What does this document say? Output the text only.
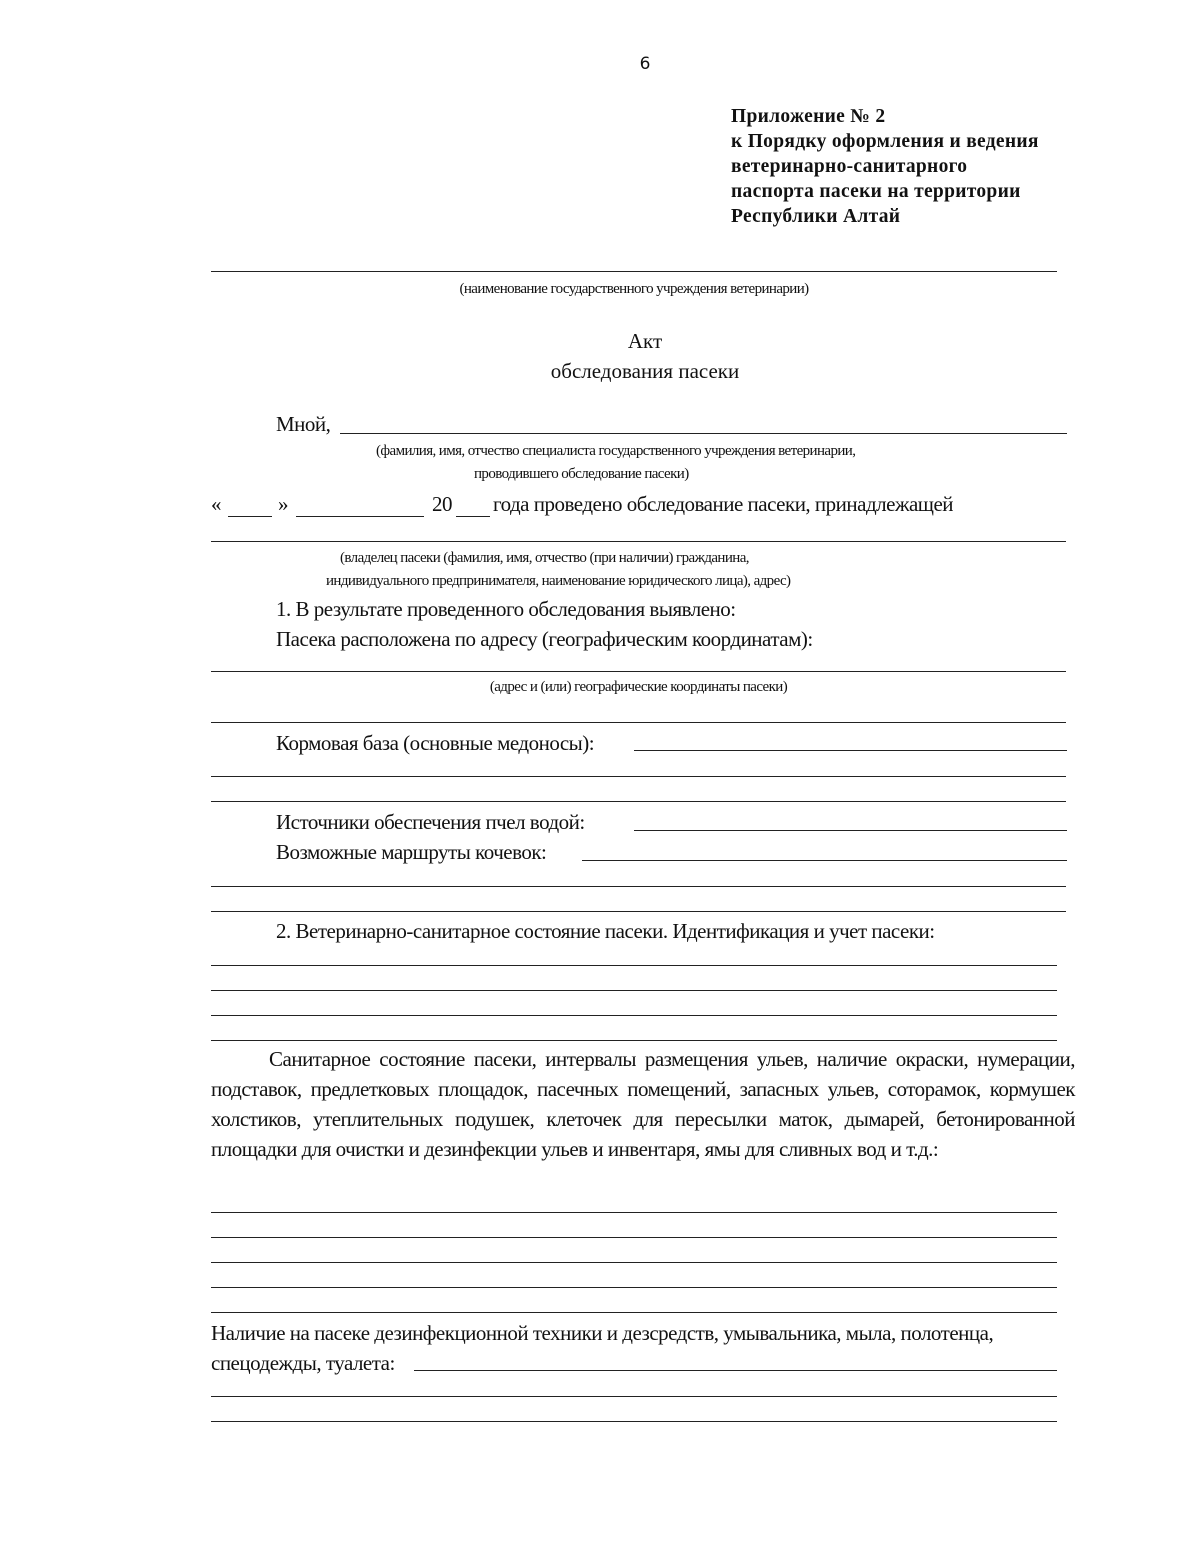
6
Приложение № 2
к Порядку оформления и ведения
ветеринарно-санитарного
паспорта пасеки на территории
Республики Алтай
(наименование государственного учреждения ветеринарии)
Акт
обследования пасеки
Мной,
(фамилия, имя, отчество специалиста государственного учреждения ветеринарии,
проводившего обследование пасеки)
«	»	20 года проведено обследование пасеки, принадлежащей
(владелец пасеки (фамилия, имя, отчество (при наличии) гражданина,
индивидуального предпринимателя, наименование юридического лица), адрес)
1. В результате проведенного обследования выявлено:
Пасека расположена по адресу (географическим координатам):
(адрес и (или) географические координаты пасеки)
Кормовая база (основные медоносы):
Источники обеспечения пчел водой:
Возможные маршруты кочевок:
2. Ветеринарно-санитарное состояние пасеки. Идентификация и учет пасеки:
Санитарное состояние пасеки, интервалы размещения ульев, наличие окраски, нумерации, подставок, предлетковых площадок, пасечных помещений, запасных ульев, соторамок, кормушек холстиков, утеплительных подушек, клеточек для пересылки маток, дымарей, бетонированной площадки для очистки и дезинфекции ульев и инвентаря, ямы для сливных вод и т.д.:
Наличие на пасеке дезинфекционной техники и дезсредств, умывальника, мыла, полотенца,
спецодежды, туалета:
